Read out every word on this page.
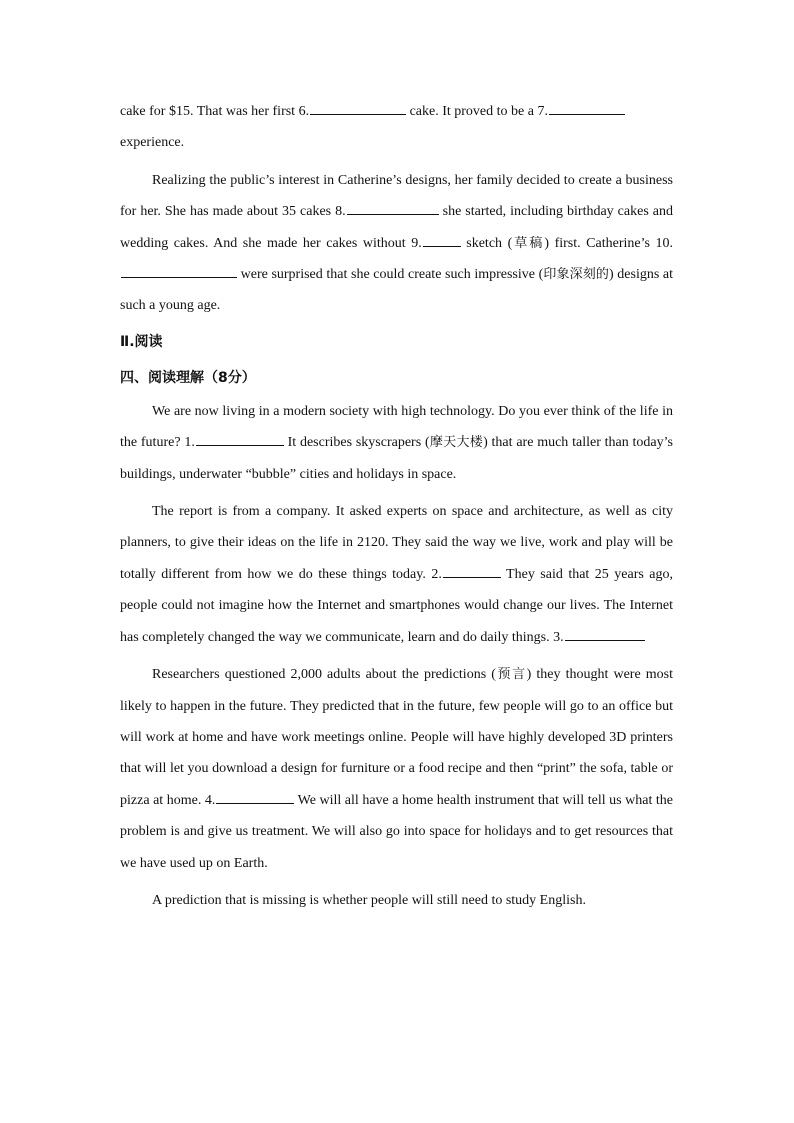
cake for $15. That was her first 6.	cake. It proved to be a 7.
experience.

Realizing the public’s interest in Catherine’s designs, her family decided to create a business for her. She has made about 35 cakes 8.	she started, including birthday cakes and wedding cakes. And she made her cakes without 9.	sketch (草稿) first. Catherine’s 10. were surprised that she could create such impressive (印象深刻的) designs at such a young age.

Ⅱ.阅读
四、阅读理解（8分）

We are now living in a modern society with high technology. Do you ever think of the life in the future? 1.	It describes skyscrapers (摩天大楼) that are much taller than today’s buildings, underwater “bubble” cities and holidays in space.

The report is from a company. It asked experts on space and architecture, as well as city planners, to give their ideas on the life in 2120. They said the way we live, work and play will be totally different from how we do these things today. 2.	They said that 25 years ago, people could not imagine how the Internet and smartphones would change our lives. The Internet has completely changed the way we communicate, learn and do daily things. 3.

Researchers questioned 2,000 adults about the predictions (预言) they thought were most likely to happen in the future. They predicted that in the future, few people will go to an office but will work at home and have work meetings online. People will have highly developed 3D printers that will let you download a design for furniture or a food recipe and then “print” the sofa, table or pizza at home. 4.	We will all have a home health instrument that will tell us what the problem is and give us treatment. We will also go into space for holidays and to get resources that we have used up on Earth.

A prediction that is missing is whether people will still need to study English.
